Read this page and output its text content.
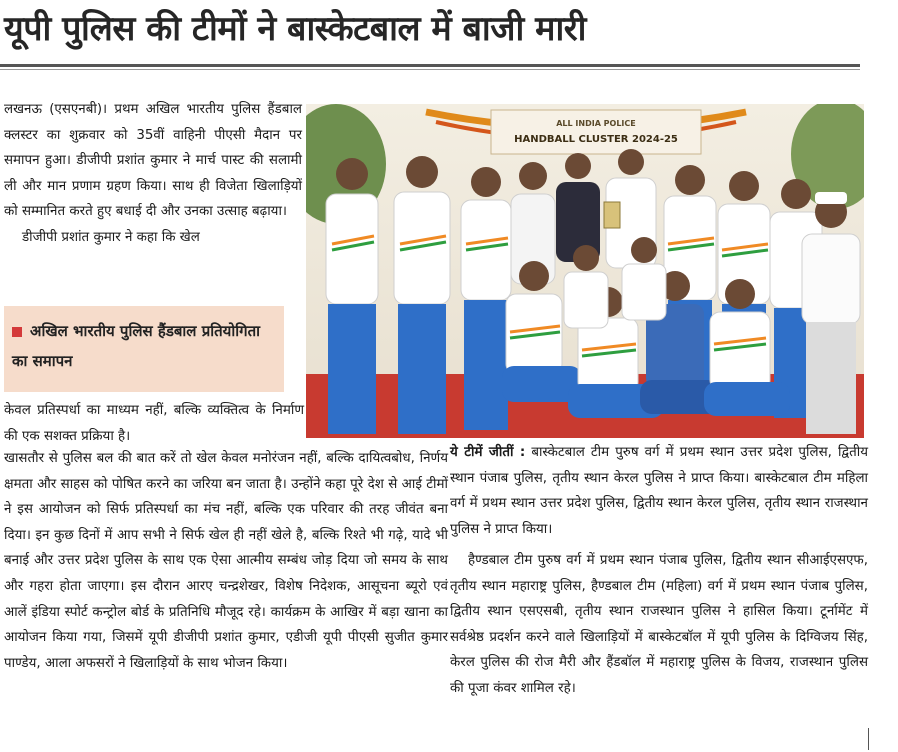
यूपी पुलिस की टीमों ने बास्केटबाल में बाजी मारी

लखनऊ (एसएनबी)। प्रथम अखिल भारतीय पुलिस हैंडबाल क्लस्टर का शुक्रवार को 35वीं वाहिनी पीएसी मैदान पर समापन हुआ। डीजीपी प्रशांत कुमार ने मार्च पास्ट की सलामी ली और मान प्रणाम ग्रहण किया। साथ ही विजेता खिलाड़ियों को सम्मानित करते हुए बधाई दी और उनका उत्साह बढ़ाया।

डीजीपी प्रशांत कुमार ने कहा कि खेल

अखिल भारतीय पुलिस हैंडबाल प्रतियोगिता का समापन

केवल प्रतिस्पर्धा का माध्यम नहीं, बल्कि व्यक्तित्व के निर्माण की एक सशक्त प्रक्रिया है।

खासतौर से पुलिस बल की बात करें तो खेल केवल मनोरंजन नहीं, बल्कि दायित्वबोध, निर्णय क्षमता और साहस को पोषित करने का जरिया बन जाता है। उन्होंने कहा पूरे देश से आई टीमों ने इस आयोजन को सिर्फ प्रतिस्पर्धा का मंच नहीं, बल्कि एक परिवार की तरह जीवंत बना दिया। इन कुछ दिनों में आप सभी ने सिर्फ खेल ही नहीं खेले है, बल्कि रिश्ते भी गढ़े, यादे भी बनाई और उत्तर प्रदेश पुलिस के साथ एक ऐसा आत्मीय सम्बंध जोड़ दिया जो समय के साथ और गहरा होता जाएगा। इस दौरान आरए चन्द्रशेखर, विशेष निदेशक, आसूचना ब्यूरो एवं आलें इंडिया स्पोर्ट कन्ट्रोल बोर्ड के प्रतिनिधि मौजूद रहे। कार्यक्रम के आखिर में बड़ा खाना का आयोजन किया गया, जिसमें यूपी डीजीपी प्रशांत कुमार, एडीजी यूपी पीएसी सुजीत कुमार पाण्डेय, आला अफसरों ने खिलाड़ियों के साथ भोजन किया।

ALL INDIA POLICE
HANDBALL CLUSTER 2024-25

ये टीमें जीतीं : बास्केटबाल टीम पुरुष वर्ग में प्रथम स्थान उत्तर प्रदेश पुलिस, द्वितीय स्थान पंजाब पुलिस, तृतीय स्थान केरल पुलिस ने प्राप्त किया। बास्केटबाल टीम महिला वर्ग में प्रथम स्थान उत्तर प्रदेश पुलिस, द्वितीय स्थान केरल पुलिस, तृतीय स्थान राजस्थान पुलिस ने प्राप्त किया।

हैण्डबाल टीम पुरुष वर्ग में प्रथम स्थान पंजाब पुलिस, द्वितीय स्थान सीआईएसएफ, तृतीय स्थान महाराष्ट्र पुलिस, हैण्डबाल टीम (महिला) वर्ग में प्रथम स्थान पंजाब पुलिस, द्वितीय स्थान एसएसबी, तृतीय स्थान राजस्थान पुलिस ने हासिल किया। टूर्नामेंट में सर्वश्रेष्ठ प्रदर्शन करने वाले खिलाड़ियों में बास्केटबॉल में यूपी पुलिस के दिग्विजय सिंह, केरल पुलिस की रोज मैरी और हैंडबॉल में महाराष्ट्र पुलिस के विजय, राजस्थान पुलिस की पूजा कंवर शामिल रहे।
